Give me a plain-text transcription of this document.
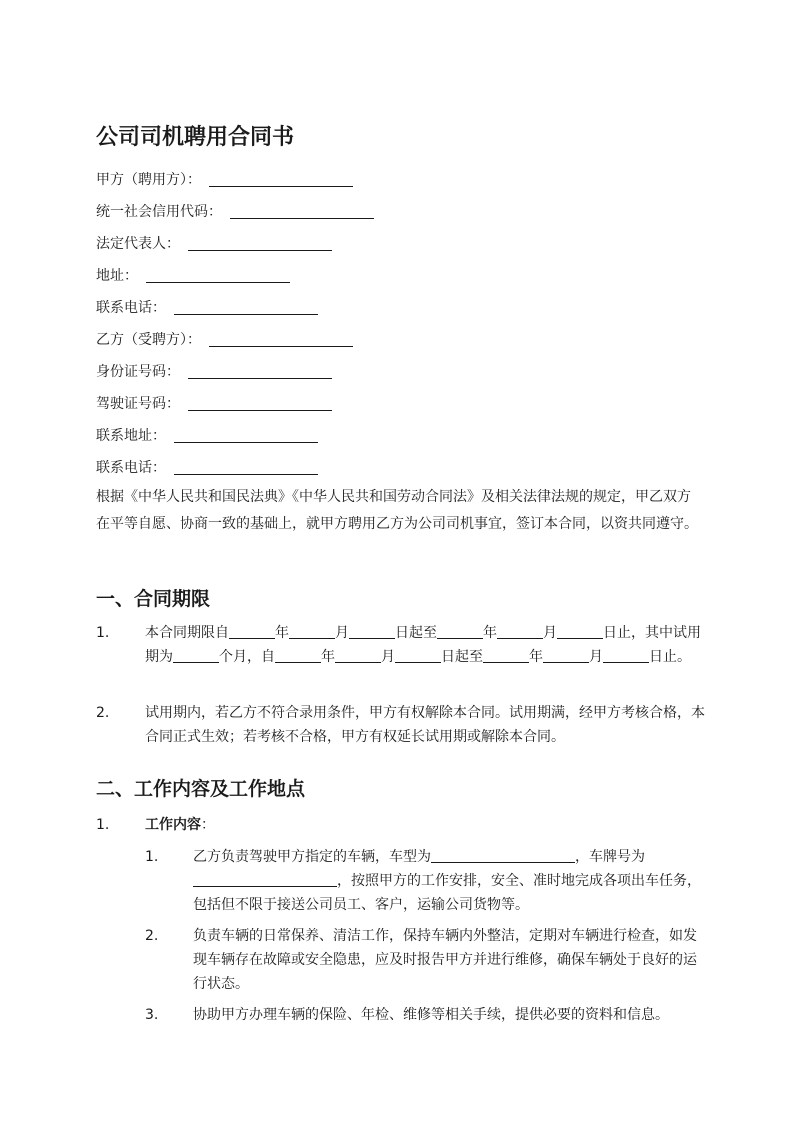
公司司机聘用合同书
甲方（聘用方）：
统一社会信用代码：
法定代表人：
地址：
联系电话：
乙方（受聘方）：
身份证号码：
驾驶证号码：
联系地址：
联系电话：

根据《中华人民共和国民法典》《中华人民共和国劳动合同法》及相关法律法规的规定，甲乙双方在平等自愿、协商一致的基础上，就甲方聘用乙方为公司司机事宜，签订本合同，以资共同遵守。

一、合同期限
1.	本合同期限自	年	月	日起至	年	月	日止，其中试用期为	个月，自	年	月	日起至	年	月	日止。

2.	试用期内，若乙方不符合录用条件，甲方有权解除本合同。试用期满，经甲方考核合格，本合同正式生效；若考核不合格，甲方有权延长试用期或解除本合同。

二、工作内容及工作地点
1.	工作内容：

1. 乙方负责驾驶甲方指定的车辆，车型为	，车牌号为，按照甲方的工作安排，安全、准时地完成各项出车任务，包括但不限于接送公司员工、客户，运输公司货物等。

2. 负责车辆的日常保养、清洁工作，保持车辆内外整洁，定期对车辆进行检查，如发现车辆存在故障或安全隐患，应及时报告甲方并进行维修，确保车辆处于良好的运行状态。

3. 协助甲方办理车辆的保险、年检、维修等相关手续，提供必要的资料和信息。
